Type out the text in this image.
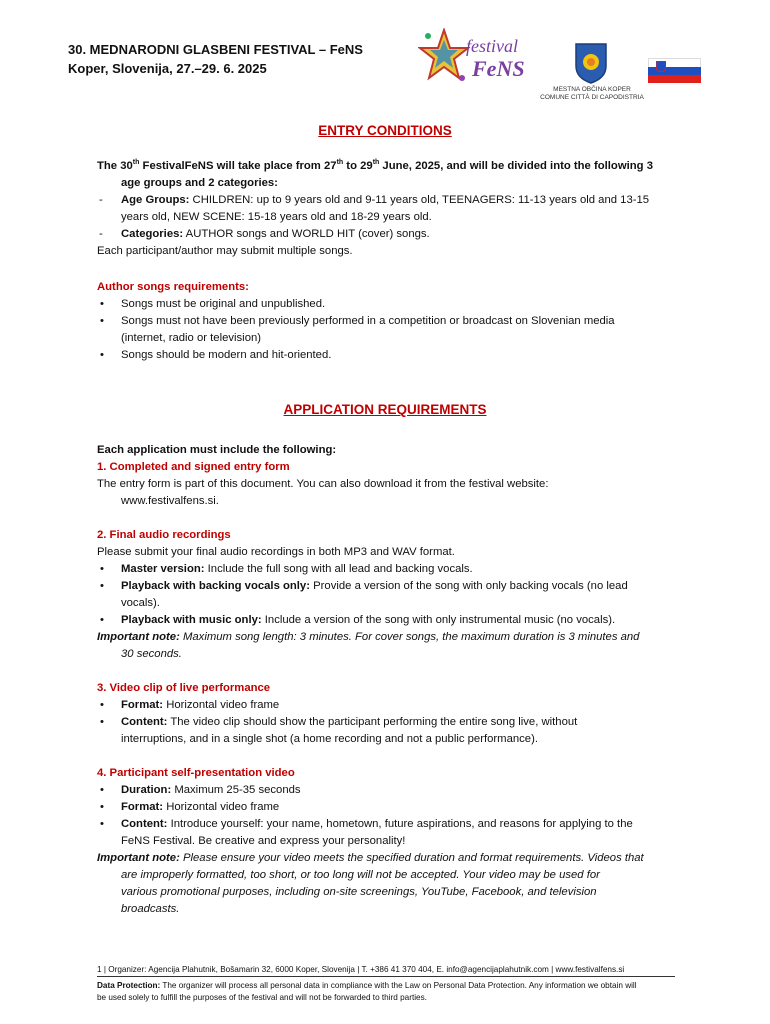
30. MEDNARODNI GLASBENI FESTIVAL – FeNS
Koper, Slovenija, 27.–29. 6. 2025
festival
FeNS
MESTNA OBČINA KOPER
COMUNE CITTÀ DI CAPODISTRIA
ENTRY CONDITIONS
The 30th FestivalFeNS will take place from 27th to 29th June, 2025, and will be divided into the following 3
age groups and 2 categories:
- Age Groups: CHILDREN: up to 9 years old and 9-11 years old, TEENAGERS: 11-13 years old and 13-15
years old, NEW SCENE: 15-18 years old and 18-29 years old.
- Categories: AUTHOR songs and WORLD HIT (cover) songs.
Each participant/author may submit multiple songs.
Author songs requirements:
• Songs must be original and unpublished.
• Songs must not have been previously performed in a competition or broadcast on Slovenian media
(internet, radio or television)
• Songs should be modern and hit-oriented.
APPLICATION REQUIREMENTS
Each application must include the following:
1. Completed and signed entry form
The entry form is part of this document. You can also download it from the festival website:
www.festivalfens.si.
2. Final audio recordings
Please submit your final audio recordings in both MP3 and WAV format.
• Master version: Include the full song with all lead and backing vocals.
• Playback with backing vocals only: Provide a version of the song with only backing vocals (no lead
vocals).
• Playback with music only: Include a version of the song with only instrumental music (no vocals).
Important note: Maximum song length: 3 minutes. For cover songs, the maximum duration is 3 minutes and
30 seconds.
3. Video clip of live performance
• Format: Horizontal video frame
• Content: The video clip should show the participant performing the entire song live, without
interruptions, and in a single shot (a home recording and not a public performance).
4. Participant self-presentation video
• Duration: Maximum 25-35 seconds
• Format: Horizontal video frame
• Content: Introduce yourself: your name, hometown, future aspirations, and reasons for applying to the
FeNS Festival. Be creative and express your personality!
Important note: Please ensure your video meets the specified duration and format requirements. Videos that
are improperly formatted, too short, or too long will not be accepted. Your video may be used for
various promotional purposes, including on-site screenings, YouTube, Facebook, and television
broadcasts.
1 | Organizer: Agencija Plahutnik, Bošamarin 32, 6000 Koper, Slovenija | T. +386 41 370 404, E. info@agencijaplahutnik.com | www.festivalfens.si
Data Protection: The organizer will process all personal data in compliance with the Law on Personal Data Protection. Any information we obtain will
be used solely to fulfill the purposes of the festival and will not be forwarded to third parties.
